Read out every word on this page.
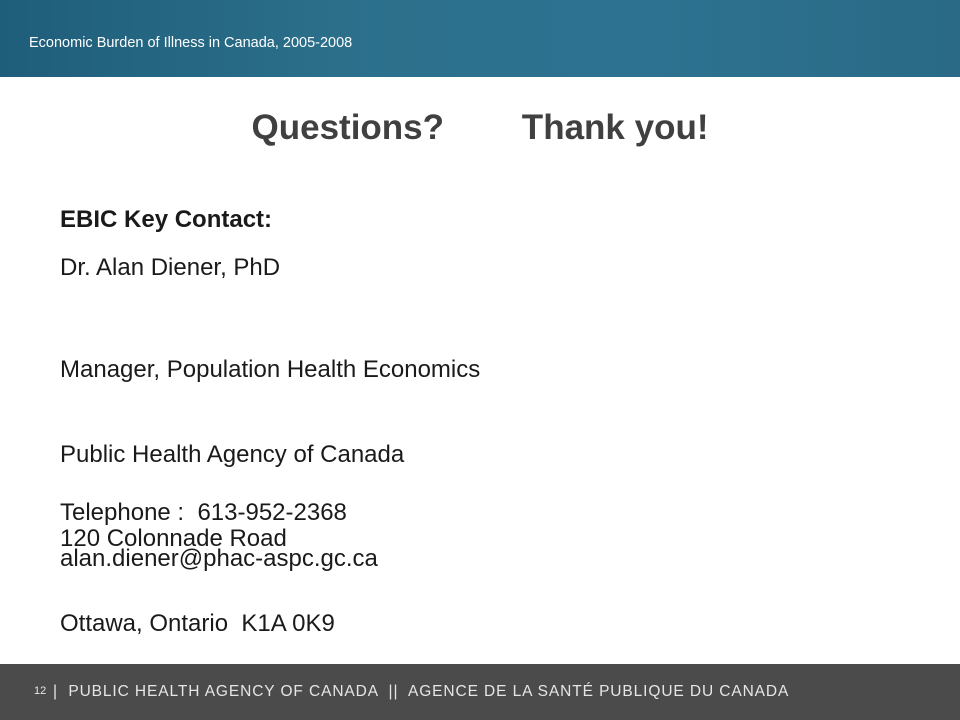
Economic Burden of Illness in Canada, 2005-2008
Questions?        Thank you!
EBIC Key Contact:
Dr. Alan Diener, PhD

Manager, Population Health Economics

Public Health Agency of Canada

120 Colonnade Road

Ottawa, Ontario  K1A 0K9

Telephone :  613-952-2368
alan.diener@phac-aspc.gc.ca
12 |  PUBLIC HEALTH AGENCY OF CANADA  ||  AGENCE DE LA SANTÉ PUBLIQUE DU CANADA
